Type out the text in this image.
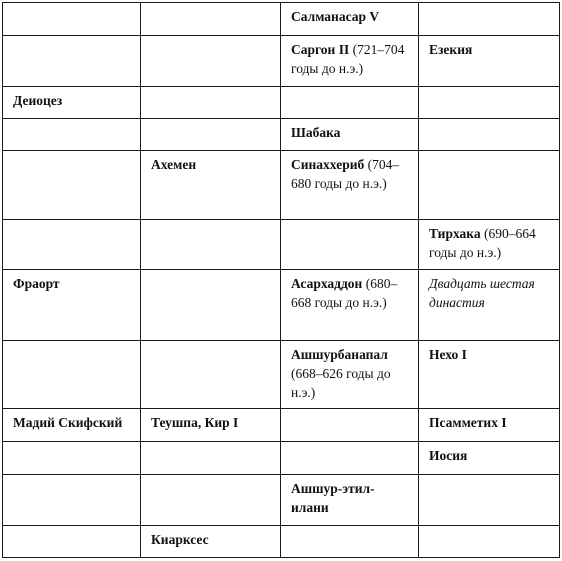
		Салманасар V	
		Саргон II (721–704 годы до н.э.)	Езекия
Деиоцез			
		Шабака	
	Ахемен	Синаххериб (704–680 годы до н.э.)	
			Тирхака (690–664 годы до н.э.)
Фраорт		Асархаддон (680–668 годы до н.э.)	Двадцать шестая династия
		Ашшурбанапал (668–626 годы до н.э.)	Нехо I
Мадий Скифский	Теушпа, Кир I		Псамметих I
			Иосия
		Ашшур-этил-илани	
	Киарксес		
